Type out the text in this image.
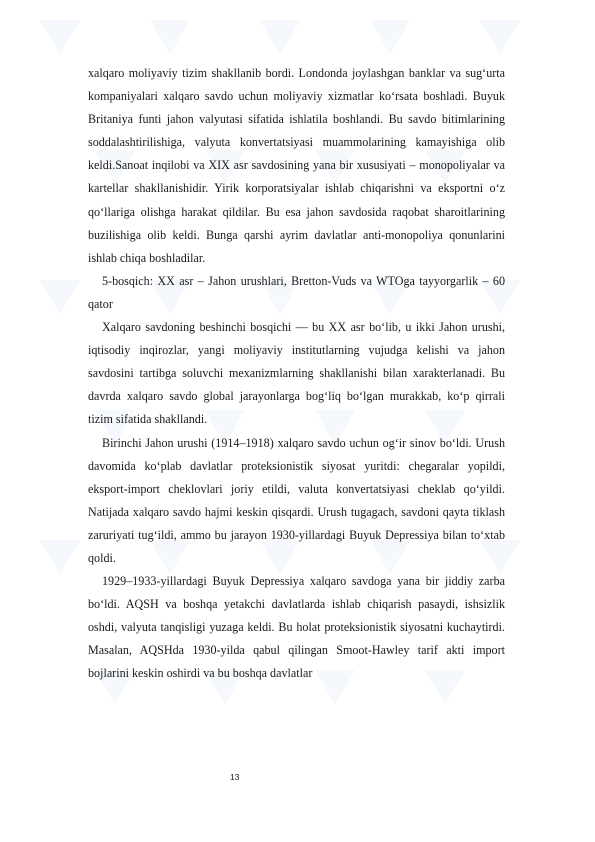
xalqaro moliyaviy tizim shakllanib bordi. Londonda joylashgan banklar va sug‘urta kompaniyalari xalqaro savdo uchun moliyaviy xizmatlar ko‘rsata boshladi. Buyuk Britaniya funti jahon valyutasi sifatida ishlatila boshlandi. Bu savdo bitimlarining soddalashtirilishiga, valyuta konvertatsiyasi muammolarining kamayishiga olib keldi.Sanoat inqilobi va XIX asr savdosining yana bir xususiyati – monopoliyalar va kartellar shakllanishidir. Yirik korporatsiyalar ishlab chiqarishni va eksportni o‘z qo‘llariga olishga harakat qildilar. Bu esa jahon savdosida raqobat sharoitlarining buzilishiga olib keldi. Bunga qarshi ayrim davlatlar anti-monopoliya qonunlarini ishlab chiqa boshladilar.

5-bosqich: XX asr – Jahon urushlari, Bretton-Vuds va WTOga tayyorgarlik – 60 qator

Xalqaro savdoning beshinchi bosqichi — bu XX asr bo‘lib, u ikki Jahon urushi, iqtisodiy inqirozlar, yangi moliyaviy institutlarning vujudga kelishi va jahon savdosini tartibga soluvchi mexanizmlarning shakllanishi bilan xarakterlanadi. Bu davrda xalqaro savdo global jarayonlarga bog‘liq bo‘lgan murakkab, ko‘p qirrali tizim sifatida shakllandi.

Birinchi Jahon urushi (1914–1918) xalqaro savdo uchun og‘ir sinov bo‘ldi. Urush davomida ko‘plab davlatlar proteksionistik siyosat yuritdi: chegaralar yopildi, eksport-import cheklovlari joriy etildi, valuta konvertatsiyasi cheklab qo‘yildi. Natijada xalqaro savdo hajmi keskin qisqardi. Urush tugagach, savdoni qayta tiklash zaruriyati tug‘ildi, ammo bu jarayon 1930-yillardagi Buyuk Depressiya bilan to‘xtab qoldi.

1929–1933-yillardagi Buyuk Depressiya xalqaro savdoga yana bir jiddiy zarba bo‘ldi. AQSH va boshqa yetakchi davlatlarda ishlab chiqarish pasaydi, ishsizlik oshdi, valyuta tanqisligi yuzaga keldi. Bu holat proteksionistik siyosatni kuchaytirdi. Masalan, AQSHda 1930-yilda qabul qilingan Smoot-Hawley tarif akti import bojlarini keskin oshirdi va bu boshqa davlatlar

13
